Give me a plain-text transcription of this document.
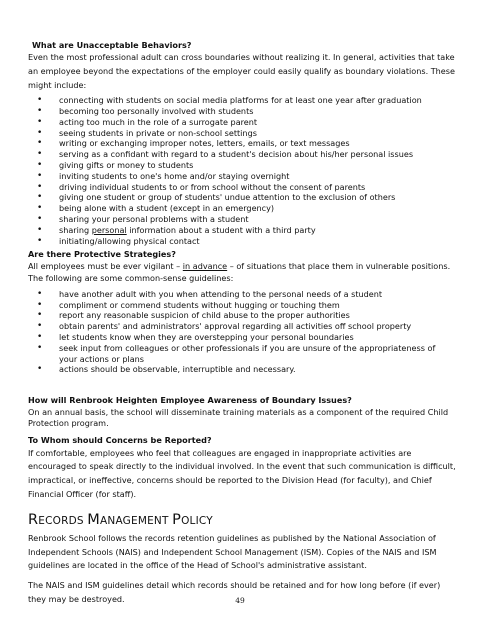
What are Unacceptable Behaviors?

Even the most professional adult can cross boundaries without realizing it. In general, activities that take an employee beyond the expectations of the employer could easily qualify as boundary violations. These might include:

• connecting with students on social media platforms for at least one year after graduation
• becoming too personally involved with students
• acting too much in the role of a surrogate parent
• seeing students in private or non-school settings
• writing or exchanging improper notes, letters, emails, or text messages
• serving as a confidant with regard to a student's decision about his/her personal issues
• giving gifts or money to students
• inviting students to one's home and/or staying overnight
• driving individual students to or from school without the consent of parents
• giving one student or group of students' undue attention to the exclusion of others
• being alone with a student (except in an emergency)
• sharing your personal problems with a student
• sharing personal information about a student with a third party
• initiating/allowing physical contact

Are there Protective Strategies?

All employees must be ever vigilant – in advance – of situations that place them in vulnerable positions.

The following are some common-sense guidelines:

• have another adult with you when attending to the personal needs of a student
• compliment or commend students without hugging or touching them
• report any reasonable suspicion of child abuse to the proper authorities
• obtain parents' and administrators' approval regarding all activities off school property
• let students know when they are overstepping your personal boundaries
• seek input from colleagues or other professionals if you are unsure of the appropriateness of your actions or plans
• actions should be observable, interruptible and necessary.

How will Renbrook Heighten Employee Awareness of Boundary Issues?

On an annual basis, the school will disseminate training materials as a component of the required Child Protection program.

To Whom should Concerns be Reported?

If comfortable, employees who feel that colleagues are engaged in inappropriate activities are encouraged to speak directly to the individual involved. In the event that such communication is difficult, impractical, or ineffective, concerns should be reported to the Division Head (for faculty), and Chief Financial Officer (for staff).

RECORDS MANAGEMENT POLICY

Renbrook School follows the records retention guidelines as published by the National Association of Independent Schools (NAIS) and Independent School Management (ISM). Copies of the NAIS and ISM guidelines are located in the office of the Head of School's administrative assistant.

The NAIS and ISM guidelines detail which records should be retained and for how long before (if ever) they may be destroyed.	49
